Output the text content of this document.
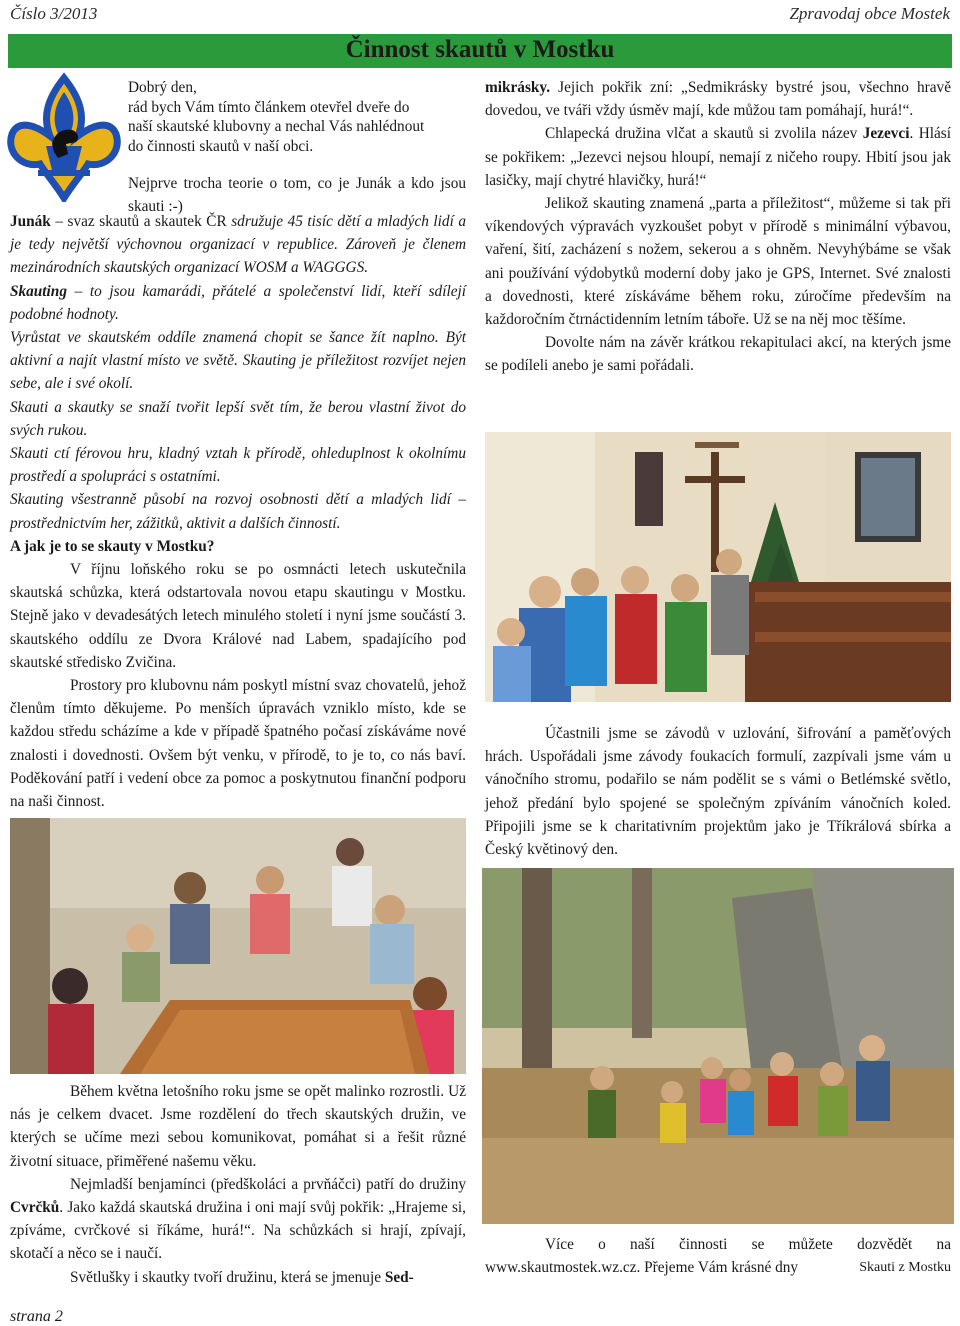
Číslo 3/2013	Zpravodaj obce Mostek
Činnost skautů v Mostku
Dobrý den,
rád bych Vám tímto článkem otevřel dveře do
naší skautské klubovny a nechal Vás nahlédnout
do činnosti skautů v naší obci.

Nejprve trocha teorie o tom, co je Junák a kdo jsou skauti :-)

Junák – svaz skautů a skautek ČR sdružuje 45 tisíc dětí a mladých lidí a je tedy největší výchovnou organizací v republice. Zároveň je členem mezinárodních skautských organizací WOSM a WAGGGS.

Skauting – to jsou kamarádi, přátelé a společenství lidí, kteří sdílejí podobné hodnoty.

Vyrůstat ve skautském oddíle znamená chopit se šance žít naplno. Být aktivní a najít vlastní místo ve světě. Skauting je příležitost rozvíjet nejen sebe, ale i své okolí.

Skauti a skautky se snaží tvořit lepší svět tím, že berou vlastní život do svých rukou.

Skauti ctí férovou hru, kladný vztah k přírodě, ohleduplnost k okolnímu prostředí a spolupráci s ostatními.

Skauting všestranně působí na rozvoj osobnosti dětí a mladých lidí – prostřednictvím her, zážitků, aktivit a dalších činností.

A jak je to se skauty v Mostku?

V říjnu loňského roku se po osmnácti letech uskutečnila skautská schůzka, která odstartovala novou etapu skautingu v Mostku. Stejně jako v devadesátých letech minulého století i nyní jsme součástí 3. skautského oddílu ze Dvora Králové nad Labem, spadajícího pod skautské středisko Zvičina.

Prostory pro klubovnu nám poskytl místní svaz chovatelů, jehož členům tímto děkujeme. Po menších úpravách vzniklo místo, kde se každou středu scházíme a kde v případě špatného počasí získáváme nové znalosti i dovednosti. Ovšem být venku, v přírodě, to je to, co nás baví. Poděkování patří i vedení obce za pomoc a poskytnutou finanční podporu na naši činnost.

Během května letošního roku jsme se opět malinko rozrostli. Už nás je celkem dvacet. Jsme rozdělení do třech skautských družin, ve kterých se učíme mezi sebou komunikovat, pomáhat si a řešit různé životní situace, přiměřené našemu věku.

Nejmladší benjamínci (předškoláci a prvňáčci) patří do družiny Cvrčků. Jako každá skautská družina i oni mají svůj pokřik: „Hrajeme si, zpíváme, cvrčkové si říkáme, hurá!“. Na schůzkách si hrají, zpívají, skotačí a něco se i naučí.

Světlušky i skautky tvoří družinu, která se jmenuje Sed-

mikrásky. Jejich pokřik zní: „Sedmikrásky bystré jsou, všechno hravě dovedou, ve tváři vždy úsměv mají, kde můžou tam pomáhají, hurá!“.

Chlapecká družina vlčat a skautů si zvolila název Jezevci. Hlásí se pokřikem: „Jezevci nejsou hloupí, nemají z ničeho roupy. Hbití jsou jak lasičky, mají chytré hlavičky, hurá!“

Jelikož skauting znamená „parta a příležitost“, můžeme si tak při víkendových výpravách vyzkoušet pobyt v přírodě s minimální výbavou, vaření, šití, zacházení s nožem, sekerou a s ohněm. Nevyhýbáme se však ani používání výdobytků moderní doby jako je GPS, Internet. Své znalosti a dovednosti, které získáváme během roku, zúročíme především na každoročním čtrnáctidenním letním táboře. Už se na něj moc těšíme.

Dovolte nám na závěr krátkou rekapitulaci akcí, na kterých jsme se podíleli anebo je sami pořádali.

Účastnili jsme se závodů v uzlování, šifrování a paměťových hrách. Uspořádali jsme závody foukacích formulí, zazpívali jsme vám u vánočního stromu, podařilo se nám podělit se s vámi o Betlémské světlo, jehož předání bylo spojené se společným zpíváním vánočních koled. Připojili jsme se k charitativním projektům jako je Tříkrálová sbírka a Český květinový den.

Více o naší činnosti se můžete dozvědět na www.skautmostek.wz.cz. Přejeme Vám krásné dny	Skauti z Mostku

strana 2
